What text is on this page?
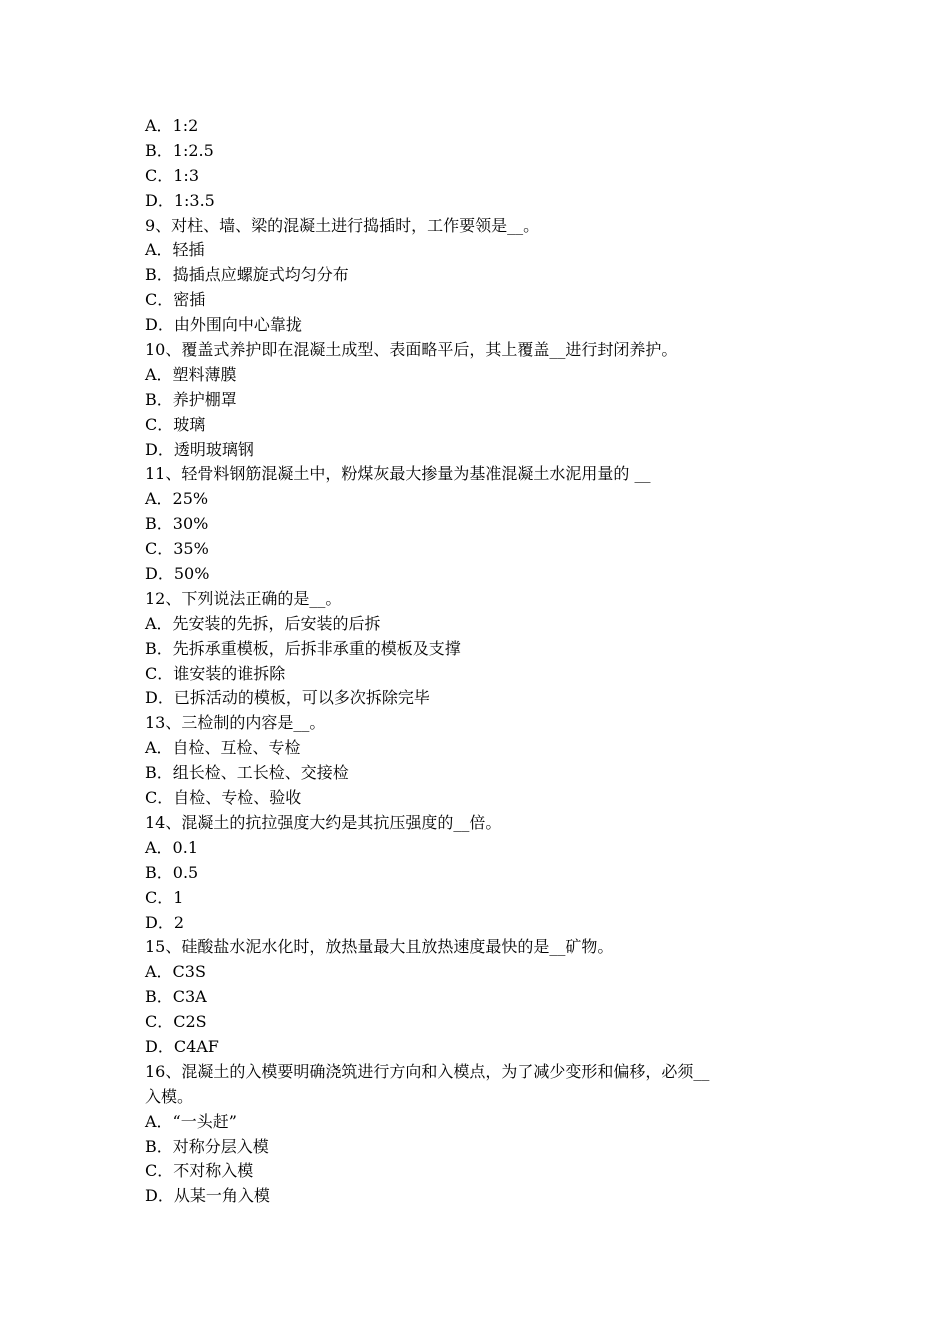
A．1:2
B．1:2.5
C．1:3
D．1:3.5
9、对柱、墙、梁的混凝土进行捣插时，工作要领是__。
A．轻插
B．捣插点应螺旋式均匀分布
C．密插
D．由外围向中心靠拢
10、覆盖式养护即在混凝土成型、表面略平后，其上覆盖__进行封闭养护。
A．塑料薄膜
B．养护棚罩
C．玻璃
D．透明玻璃钢
11、轻骨料钢筋混凝土中，粉煤灰最大掺量为基准混凝土水泥用量的 __
A．25%
B．30%
C．35%
D．50%
12、下列说法正确的是__。
A．先安装的先拆，后安装的后拆
B．先拆承重模板，后拆非承重的模板及支撑
C．谁安装的谁拆除
D．已拆活动的模板，可以多次拆除完毕
13、三检制的内容是__。
A．自检、互检、专检
B．组长检、工长检、交接检
C．自检、专检、验收
14、混凝土的抗拉强度大约是其抗压强度的__倍。
A．0.1
B．0.5
C．1
D．2
15、硅酸盐水泥水化时，放热量最大且放热速度最快的是__矿物。
A．C3S
B．C3A
C．C2S
D．C4AF
16、混凝土的入模要明确浇筑进行方向和入模点，为了减少变形和偏移，必须__
入模。
A．“一头赶”
B．对称分层入模
C．不对称入模
D．从某一角入模
